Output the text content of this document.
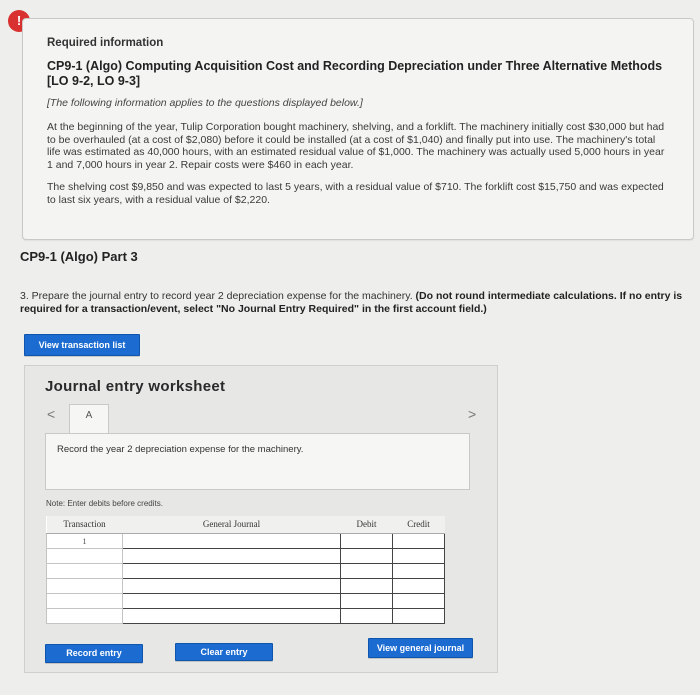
!
Required information
CP9-1 (Algo) Computing Acquisition Cost and Recording Depreciation under Three Alternative Methods [LO 9-2, LO 9-3]
[The following information applies to the questions displayed below.]
At the beginning of the year, Tulip Corporation bought machinery, shelving, and a forklift. The machinery initially cost $30,000 but had to be overhauled (at a cost of $2,080) before it could be installed (at a cost of $1,040) and finally put into use. The machinery's total life was estimated as 40,000 hours, with an estimated residual value of $1,000. The machinery was actually used 5,000 hours in year 1 and 7,000 hours in year 2. Repair costs were $460 in each year.
The shelving cost $9,850 and was expected to last 5 years, with a residual value of $710. The forklift cost $15,750 and was expected to last six years, with a residual value of $2,220.
CP9-1 (Algo) Part 3
3. Prepare the journal entry to record year 2 depreciation expense for the machinery. (Do not round intermediate calculations. If no entry is required for a transaction/event, select "No Journal Entry Required" in the first account field.)
View transaction list
Journal entry worksheet
<	A	>
Record the year 2 depreciation expense for the machinery.
Note: Enter debits before credits.
Transaction	General Journal	Debit	Credit
1			

Record entry	Clear entry	View general journal
